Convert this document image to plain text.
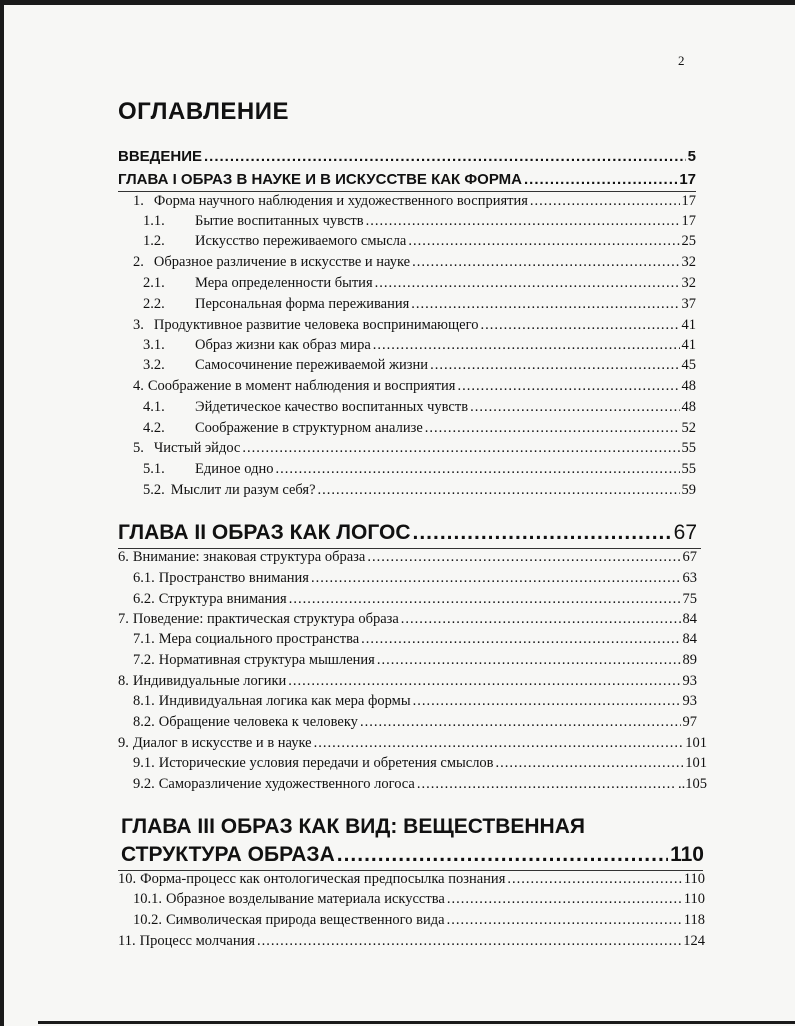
2
ОГЛАВЛЕНИЕ
ВВЕДЕНИЕ .....	5
ГЛАВА I ОБРАЗ В НАУКЕ И В ИСКУССТВЕ КАК ФОРМА .....	17
1. Форма научного наблюдения и художественного восприятия .....	17
1.1.	Бытие воспитанных чувств .....	17
1.2.	Искусство переживаемого смысла .....	25
2. Образное различение в искусстве и науке .....	32
2.1.	Мера определенности бытия .....	32
2.2.	Персональная форма переживания .....	37
3. Продуктивное развитие человека воспринимающего .....	41
3.1.	Образ жизни как образ мира .....	41
3.2.	Самосочинение переживаемой жизни .....	45
4. Соображение в момент наблюдения и восприятия .....	48
4.1.	Эйдетическое качество воспитанных чувств .....	48
4.2.	Соображение в структурном анализе .....	52
5. Чистый эйдос .....	55
5.1.	Единое одно .....	55
5.2. Мыслит ли разум себя? .....	59
ГЛАВА II ОБРАЗ КАК ЛОГОС .....	67
6. Внимание: знаковая структура образа .....	67
6.1. Пространство внимания .....	63
6.2. Структура внимания .....	75
7. Поведение: практическая структура образа .....	84
7.1. Мера социального пространства .....	84
7.2. Нормативная структура мышления .....	89
8. Индивидуальные логики .....	93
8.1. Индивидуальная логика как мера формы .....	93
8.2. Обращение человека к человеку .....	97
9. Диалог в искусстве и в науке .....	101
9.1. Исторические условия передачи и обретения смыслов .....	101
9.2. Саморазличение художественного логоса .....	..105
ГЛАВА III ОБРАЗ КАК ВИД: ВЕЩЕСТВЕННАЯ
СТРУКТУРА ОБРАЗА .....	110
10. Форма-процесс как онтологическая предпосылка познания .....	110
10.1. Образное возделывание материала искусства .....	110
10.2. Символическая природа вещественного вида .....	118
11. Процесс молчания .....	124
